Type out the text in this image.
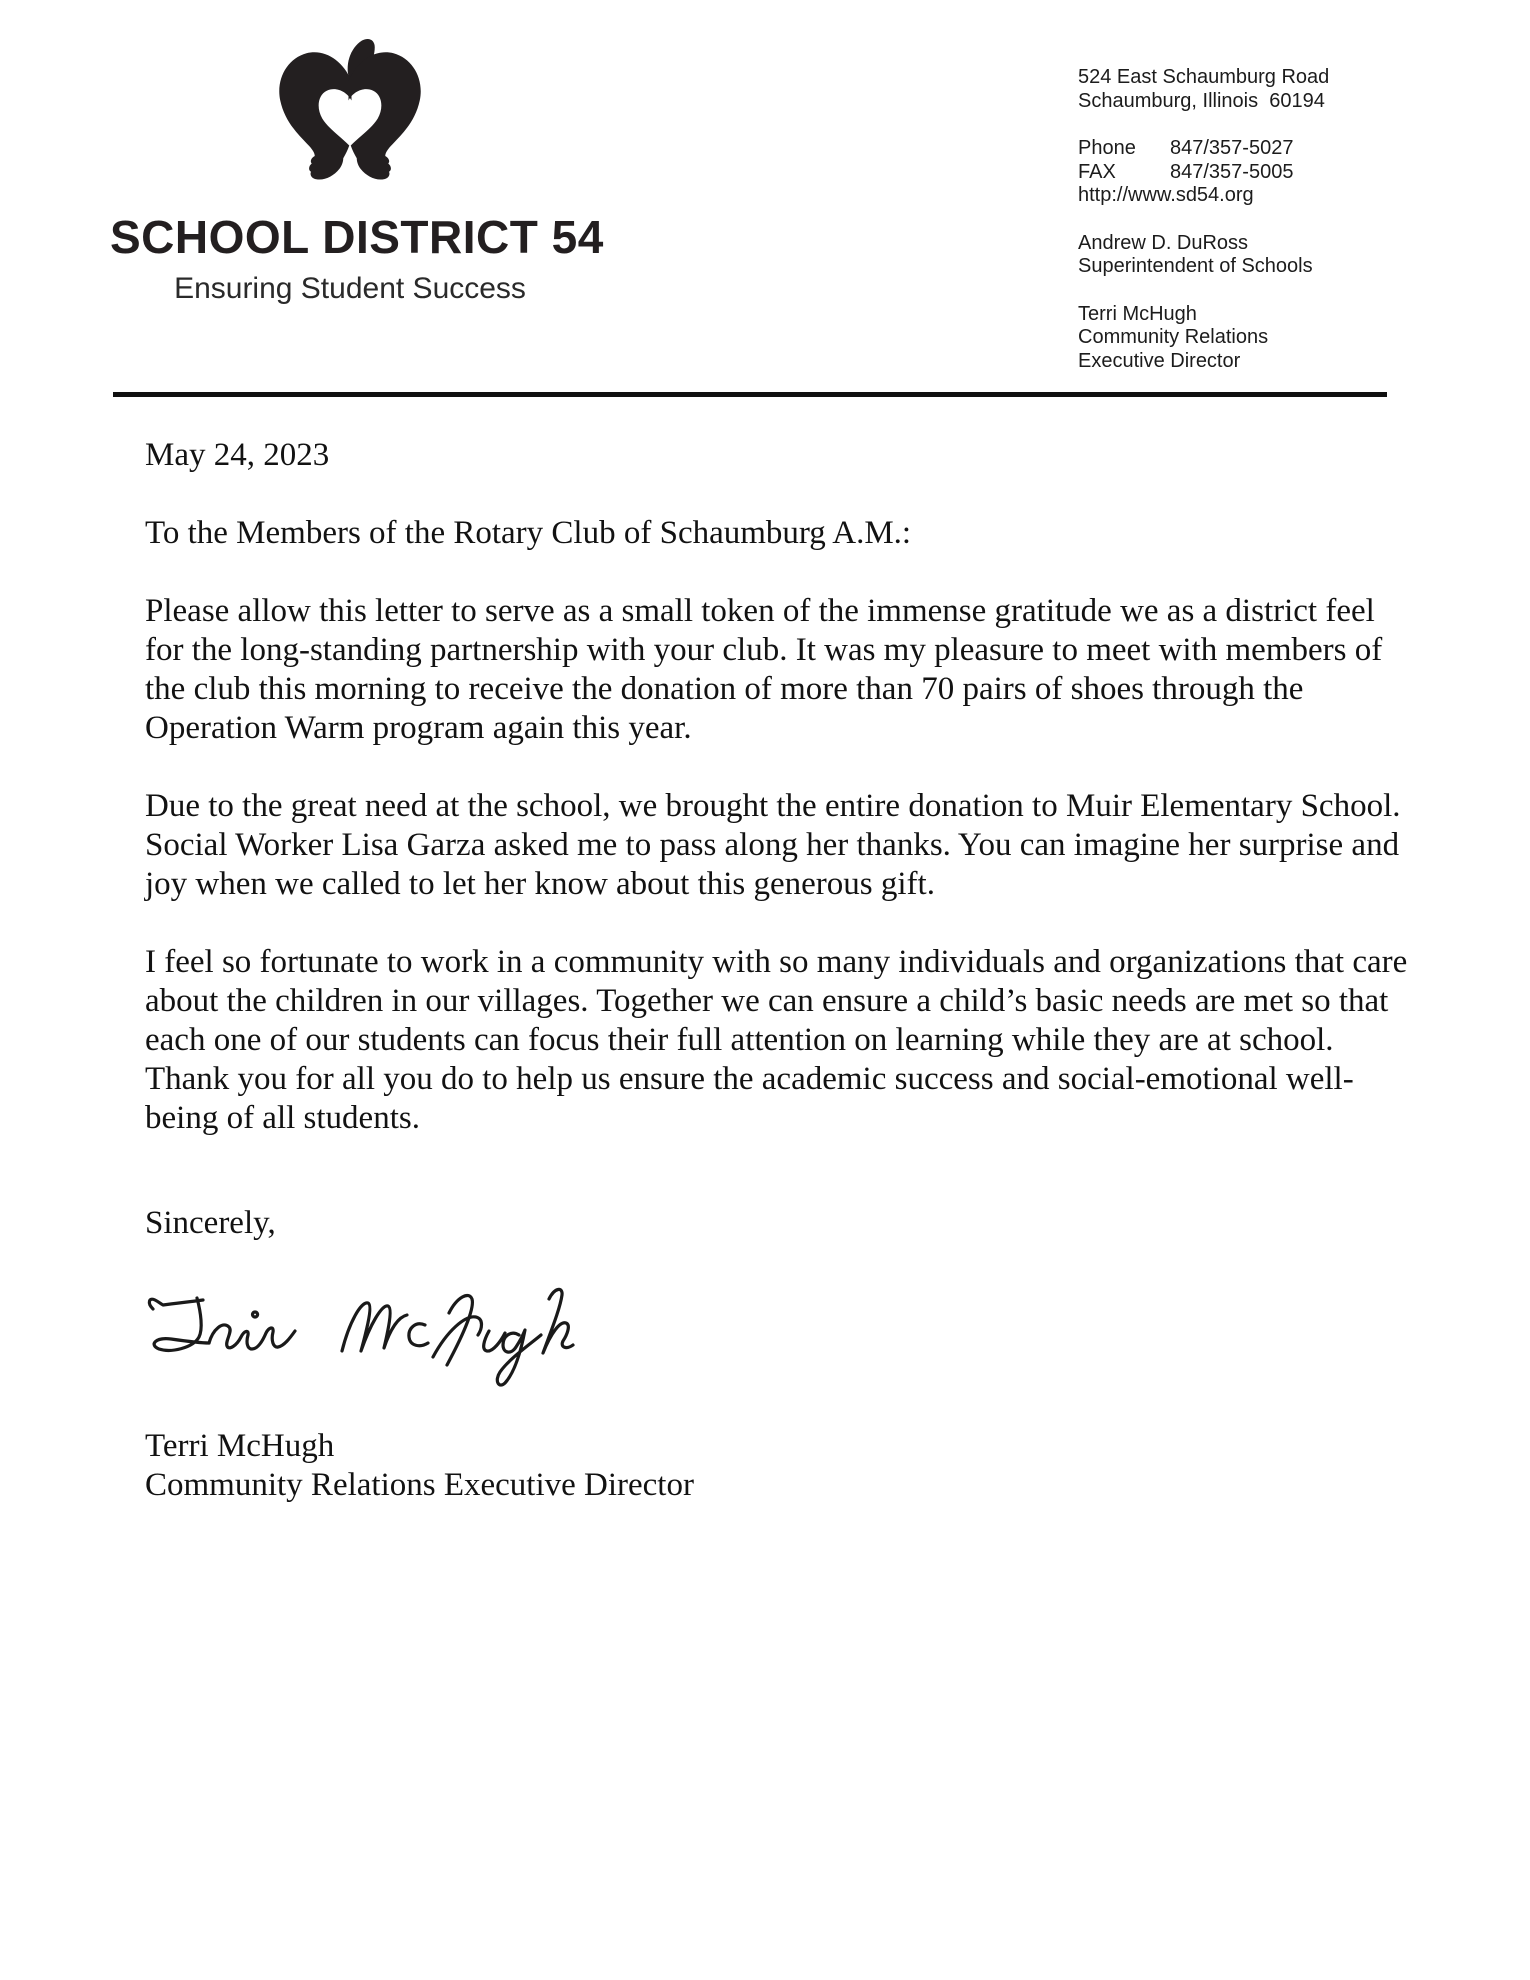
SCHOOL DISTRICT 54
Ensuring Student Success
524 East Schaumburg Road
Schaumburg, Illinois  60194
Phone	847/357-5027
FAX	847/357-5005
http://www.sd54.org
Andrew D. DuRoss
Superintendent of Schools
Terri McHugh
Community Relations
Executive Director

May 24, 2023

To the Members of the Rotary Club of Schaumburg A.M.:

Please allow this letter to serve as a small token of the immense gratitude we as a district feel for the long-standing partnership with your club. It was my pleasure to meet with members of the club this morning to receive the donation of more than 70 pairs of shoes through the Operation Warm program again this year.

Due to the great need at the school, we brought the entire donation to Muir Elementary School. Social Worker Lisa Garza asked me to pass along her thanks. You can imagine her surprise and joy when we called to let her know about this generous gift.

I feel so fortunate to work in a community with so many individuals and organizations that care about the children in our villages. Together we can ensure a child’s basic needs are met so that each one of our students can focus their full attention on learning while they are at school. Thank you for all you do to help us ensure the academic success and social-emotional well-being of all students.

Sincerely,

Terri McHugh

Community Relations Executive Director
